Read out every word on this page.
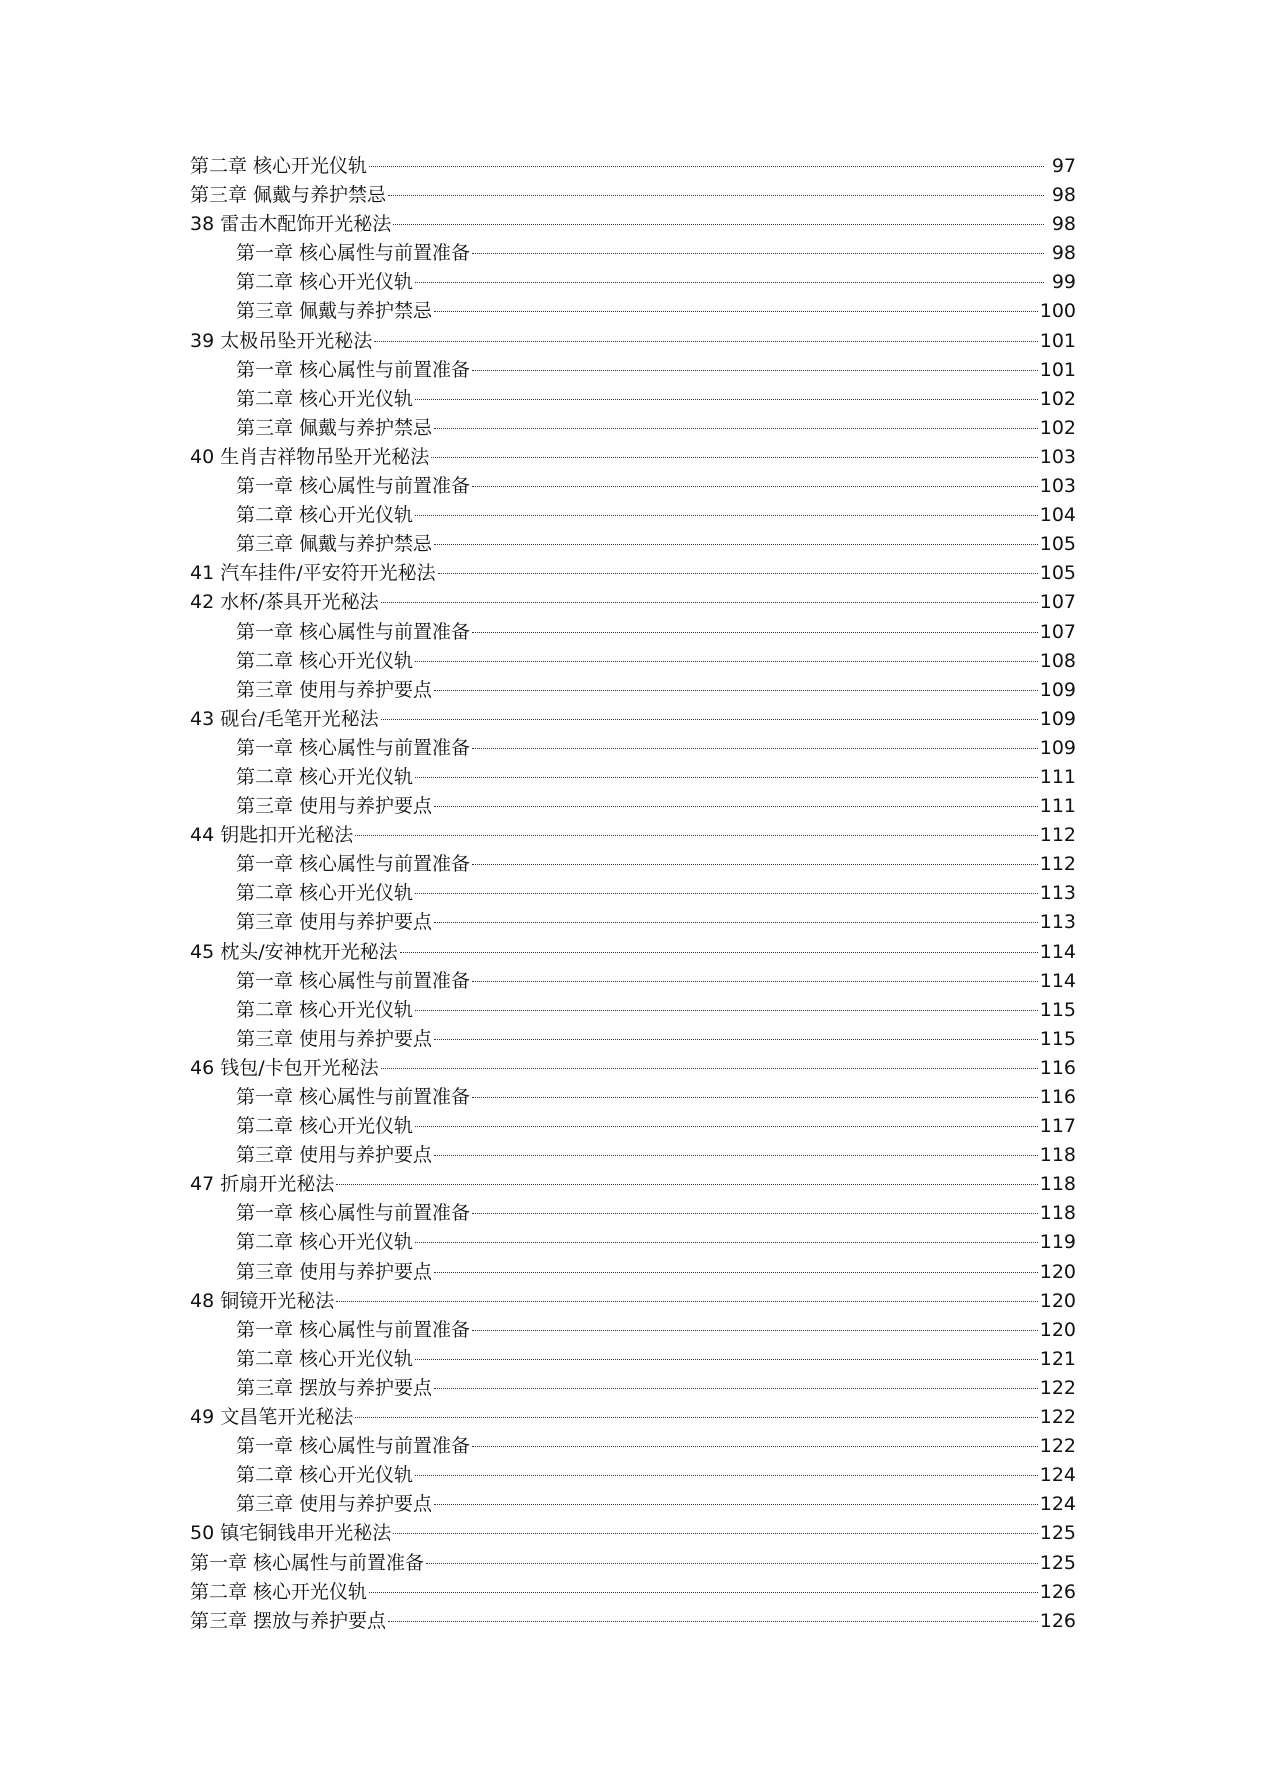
第二章 核心开光仪轨	97
第三章 佩戴与养护禁忌	98
38 雷击木配饰开光秘法	98
第一章 核心属性与前置准备	98
第二章 核心开光仪轨	99
第三章 佩戴与养护禁忌	100
39 太极吊坠开光秘法	101
第一章 核心属性与前置准备	101
第二章 核心开光仪轨	102
第三章 佩戴与养护禁忌	102
40 生肖吉祥物吊坠开光秘法	103
第一章 核心属性与前置准备	103
第二章 核心开光仪轨	104
第三章 佩戴与养护禁忌	105
41 汽车挂件/平安符开光秘法	105
42 水杯/茶具开光秘法	107
第一章 核心属性与前置准备	107
第二章 核心开光仪轨	108
第三章 使用与养护要点	109
43 砚台/毛笔开光秘法	109
第一章 核心属性与前置准备	109
第二章 核心开光仪轨	111
第三章 使用与养护要点	111
44 钥匙扣开光秘法	112
第一章 核心属性与前置准备	112
第二章 核心开光仪轨	113
第三章 使用与养护要点	113
45 枕头/安神枕开光秘法	114
第一章 核心属性与前置准备	114
第二章 核心开光仪轨	115
第三章 使用与养护要点	115
46 钱包/卡包开光秘法	116
第一章 核心属性与前置准备	116
第二章 核心开光仪轨	117
第三章 使用与养护要点	118
47 折扇开光秘法	118
第一章 核心属性与前置准备	118
第二章 核心开光仪轨	119
第三章 使用与养护要点	120
48 铜镜开光秘法	120
第一章 核心属性与前置准备	120
第二章 核心开光仪轨	121
第三章 摆放与养护要点	122
49 文昌笔开光秘法	122
第一章 核心属性与前置准备	122
第二章 核心开光仪轨	124
第三章 使用与养护要点	124
50 镇宅铜钱串开光秘法	125
第一章 核心属性与前置准备	125
第二章 核心开光仪轨	126
第三章 摆放与养护要点	126
